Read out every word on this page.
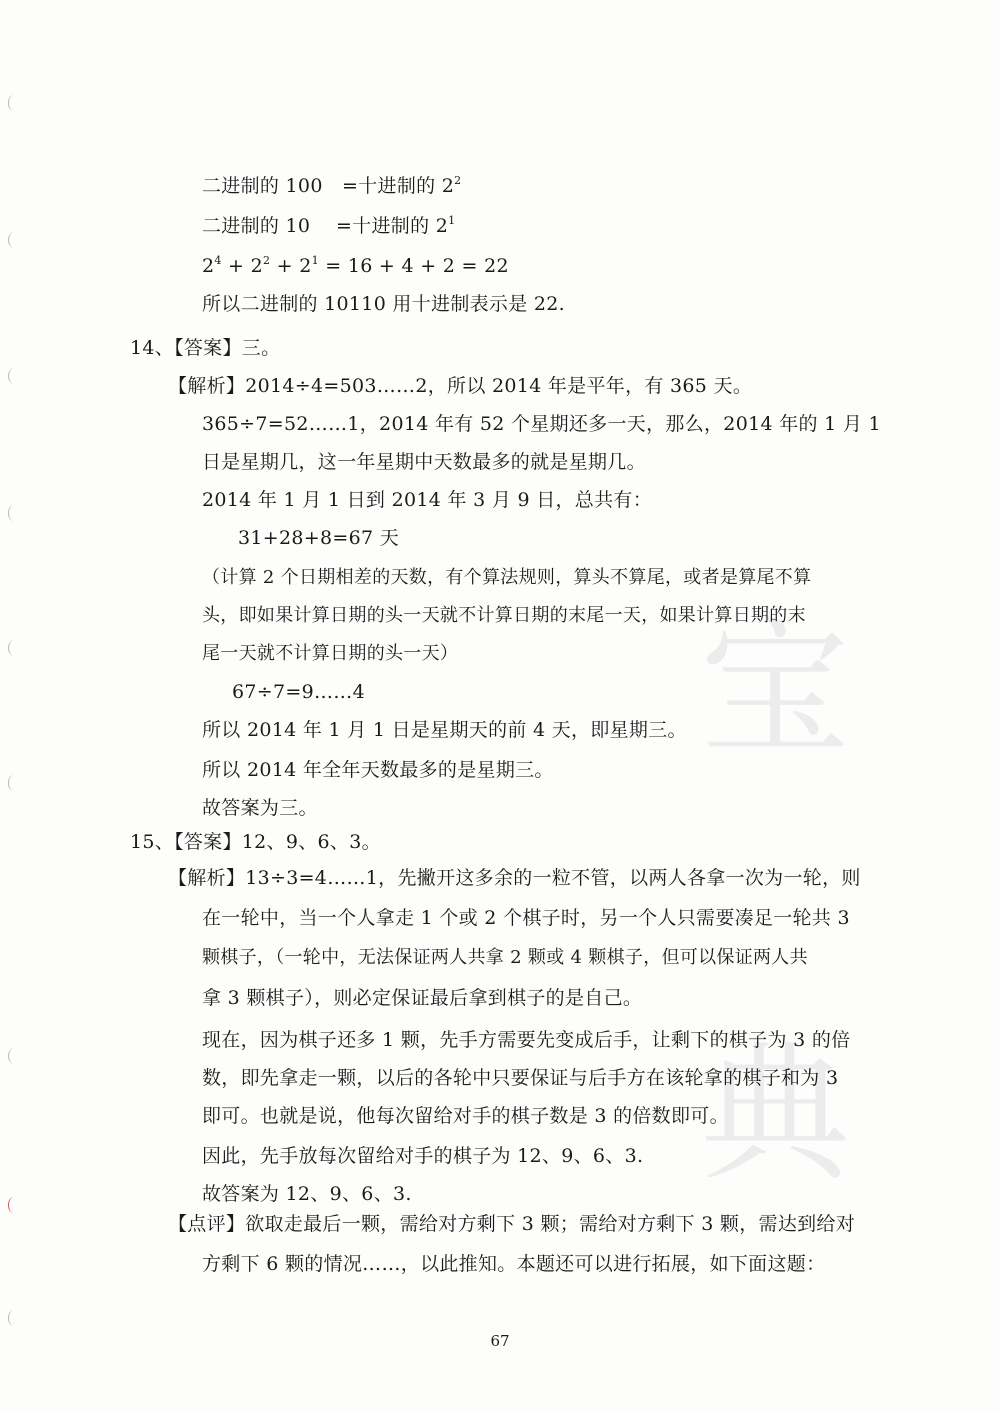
宝
典
二进制的 100　=十进制的 $2^2$
二进制的 10　 =十进制的 $2^1$
$2^4 + 2^2 + 2^1 = 16 + 4 + 2 = 22$
所以二进制的 10110 用十进制表示是 22.
14、【答案】三。
【解析】2014÷4=503……2，所以 2014 年是平年，有 365 天。
365÷7=52……1，2014 年有 52 个星期还多一天，那么，2014 年的 1 月 1
日是星期几，这一年星期中天数最多的就是星期几。
2014 年 1 月 1 日到 2014 年 3 月 9 日，总共有：
31+28+8=67 天
（计算 2 个日期相差的天数，有个算法规则，算头不算尾，或者是算尾不算
头，即如果计算日期的头一天就不计算日期的末尾一天，如果计算日期的末
尾一天就不计算日期的头一天）
67÷7=9……4
所以 2014 年 1 月 1 日是星期天的前 4 天，即星期三。
所以 2014 年全年天数最多的是星期三。
故答案为三。
15、【答案】12、9、6、3。
【解析】13÷3=4……1，先撇开这多余的一粒不管，以两人各拿一次为一轮，则
在一轮中，当一个人拿走 1 个或 2 个棋子时，另一个人只需要凑足一轮共 3
颗棋子，（一轮中，无法保证两人共拿 2 颗或 4 颗棋子，但可以保证两人共
拿 3 颗棋子），则必定保证最后拿到棋子的是自己。
现在，因为棋子还多 1 颗，先手方需要先变成后手，让剩下的棋子为 3 的倍
数，即先拿走一颗，以后的各轮中只要保证与后手方在该轮拿的棋子和为 3
即可。也就是说，他每次留给对手的棋子数是 3 的倍数即可。
因此，先手放每次留给对手的棋子为 12、9、6、3.
故答案为 12、9、6、3.
【点评】欲取走最后一颗，需给对方剩下 3 颗；需给对方剩下 3 颗，需达到给对
方剩下 6 颗的情况……，以此推知。本题还可以进行拓展，如下面这题：
67
